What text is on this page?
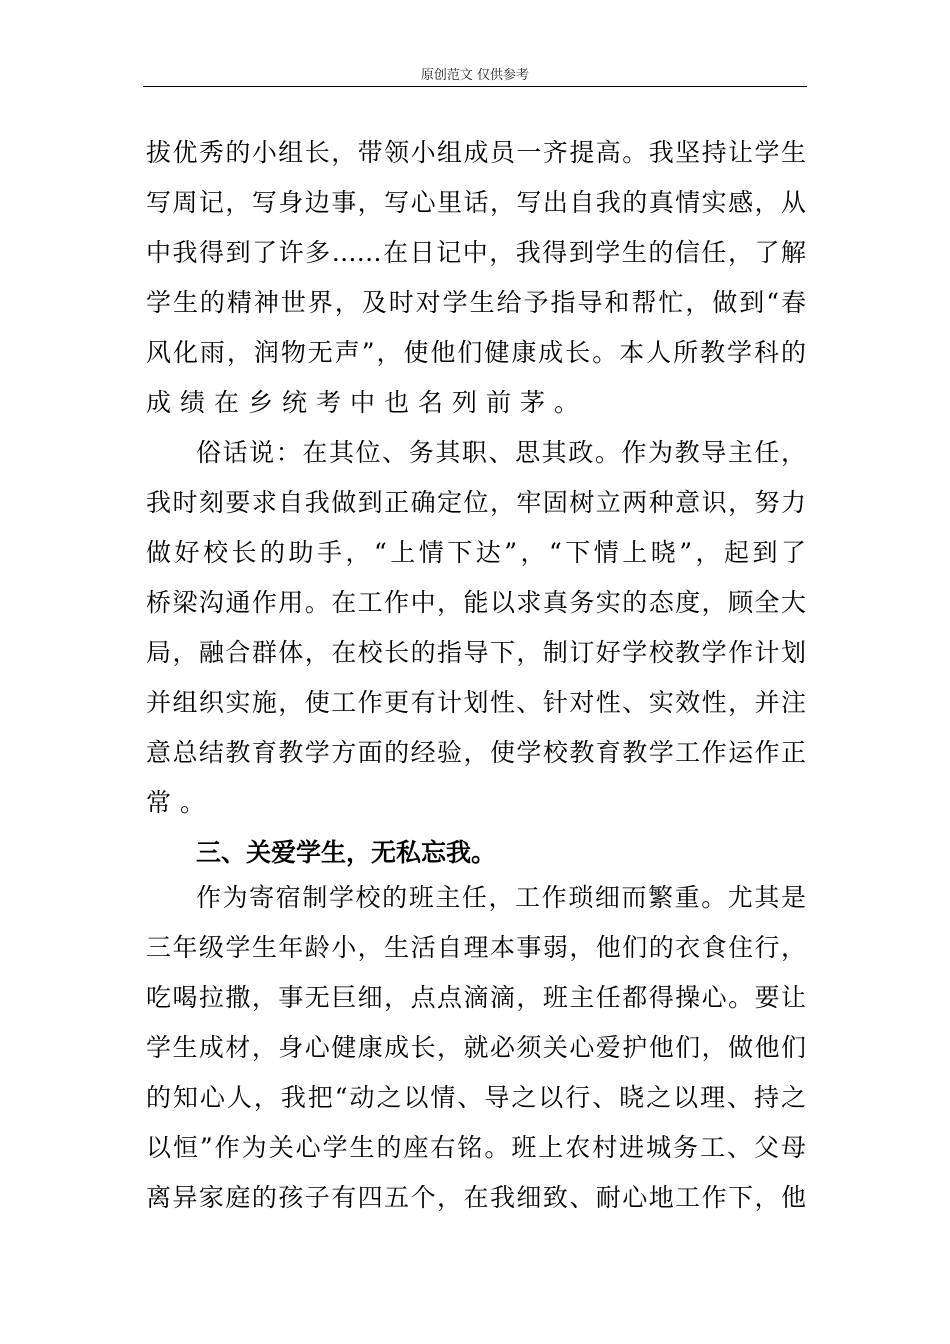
原创范文 仅供参考
拔优秀的小组长，带领小组成员一齐提高。我坚持让学生
写周记，写身边事，写心里话，写出自我的真情实感，从
中我得到了许多……在日记中，我得到学生的信任，了解
学生的精神世界，及时对学生给予指导和帮忙，做到“春
风化雨，润物无声”，使他们健康成长。本人所教学科的
成绩在乡统考中也名列前茅。
俗话说：在其位、务其职、思其政。作为教导主任，
我时刻要求自我做到正确定位，牢固树立两种意识，努力
做好校长的助手，“上情下达”，“下情上晓”，起到了
桥梁沟通作用。在工作中，能以求真务实的态度，顾全大
局，融合群体，在校长的指导下，制订好学校教学作计划
并组织实施，使工作更有计划性、针对性、实效性，并注
意总结教育教学方面的经验，使学校教育教学工作运作正
常。
三、关爱学生，无私忘我。
作为寄宿制学校的班主任，工作琐细而繁重。尤其是
三年级学生年龄小，生活自理本事弱，他们的衣食住行，
吃喝拉撒，事无巨细，点点滴滴，班主任都得操心。要让
学生成材，身心健康成长，就必须关心爱护他们，做他们
的知心人，我把“动之以情、导之以行、晓之以理、持之
以恒”作为关心学生的座右铭。班上农村进城务工、父母
离异家庭的孩子有四五个，在我细致、耐心地工作下，他
